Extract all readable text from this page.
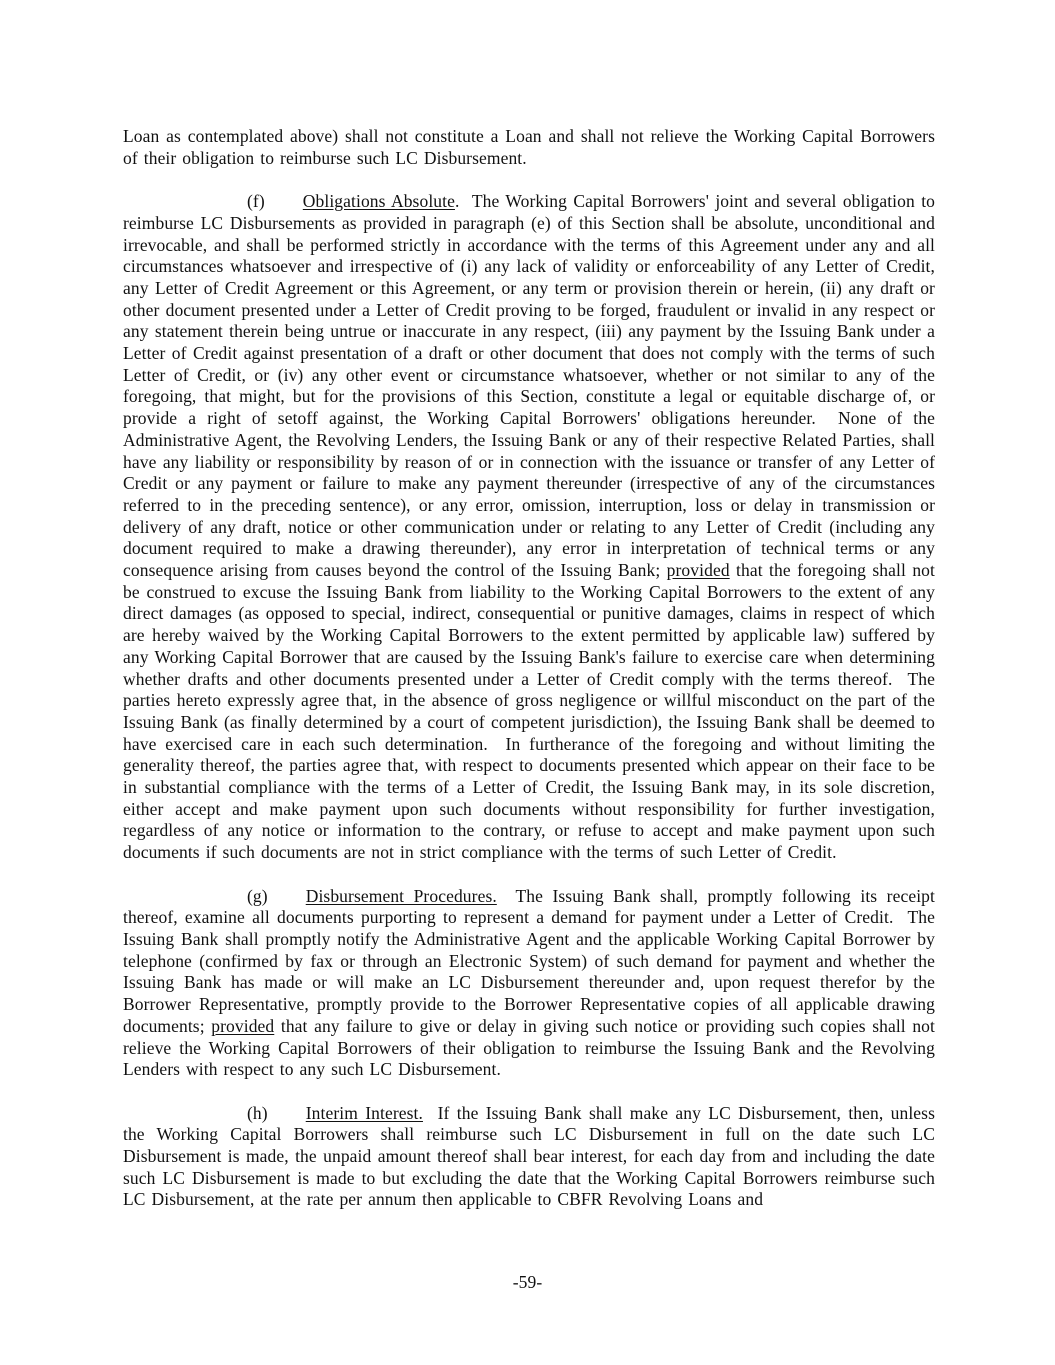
Loan as contemplated above) shall not constitute a Loan and shall not relieve the Working Capital Borrowers of their obligation to reimburse such LC Disbursement.

(f) Obligations Absolute.  The Working Capital Borrowers' joint and several obligation to reimburse LC Disbursements as provided in paragraph (e) of this Section shall be absolute, unconditional and irrevocable, and shall be performed strictly in accordance with the terms of this Agreement under any and all circumstances whatsoever and irrespective of (i) any lack of validity or enforceability of any Letter of Credit, any Letter of Credit Agreement or this Agreement, or any term or provision therein or herein, (ii) any draft or other document presented under a Letter of Credit proving to be forged, fraudulent or invalid in any respect or any statement therein being untrue or inaccurate in any respect, (iii) any payment by the Issuing Bank under a Letter of Credit against presentation of a draft or other document that does not comply with the terms of such Letter of Credit, or (iv) any other event or circumstance whatsoever, whether or not similar to any of the foregoing, that might, but for the provisions of this Section, constitute a legal or equitable discharge of, or provide a right of setoff against, the Working Capital Borrowers' obligations hereunder.  None of the Administrative Agent, the Revolving Lenders, the Issuing Bank or any of their respective Related Parties, shall have any liability or responsibility by reason of or in connection with the issuance or transfer of any Letter of Credit or any payment or failure to make any payment thereunder (irrespective of any of the circumstances referred to in the preceding sentence), or any error, omission, interruption, loss or delay in transmission or delivery of any draft, notice or other communication under or relating to any Letter of Credit (including any document required to make a drawing thereunder), any error in interpretation of technical terms or any consequence arising from causes beyond the control of the Issuing Bank; provided that the foregoing shall not be construed to excuse the Issuing Bank from liability to the Working Capital Borrowers to the extent of any direct damages (as opposed to special, indirect, consequential or punitive damages, claims in respect of which are hereby waived by the Working Capital Borrowers to the extent permitted by applicable law) suffered by any Working Capital Borrower that are caused by the Issuing Bank's failure to exercise care when determining whether drafts and other documents presented under a Letter of Credit comply with the terms thereof.  The parties hereto expressly agree that, in the absence of gross negligence or willful misconduct on the part of the Issuing Bank (as finally determined by a court of competent jurisdiction), the Issuing Bank shall be deemed to have exercised care in each such determination.  In furtherance of the foregoing and without limiting the generality thereof, the parties agree that, with respect to documents presented which appear on their face to be in substantial compliance with the terms of a Letter of Credit, the Issuing Bank may, in its sole discretion, either accept and make payment upon such documents without responsibility for further investigation, regardless of any notice or information to the contrary, or refuse to accept and make payment upon such documents if such documents are not in strict compliance with the terms of such Letter of Credit.

(g) Disbursement Procedures.  The Issuing Bank shall, promptly following its receipt thereof, examine all documents purporting to represent a demand for payment under a Letter of Credit.  The Issuing Bank shall promptly notify the Administrative Agent and the applicable Working Capital Borrower by telephone (confirmed by fax or through an Electronic System) of such demand for payment and whether the Issuing Bank has made or will make an LC Disbursement thereunder and, upon request therefor by the Borrower Representative, promptly provide to the Borrower Representative copies of all applicable drawing documents; provided that any failure to give or delay in giving such notice or providing such copies shall not relieve the Working Capital Borrowers of their obligation to reimburse the Issuing Bank and the Revolving Lenders with respect to any such LC Disbursement.

(h) Interim Interest.  If the Issuing Bank shall make any LC Disbursement, then, unless the Working Capital Borrowers shall reimburse such LC Disbursement in full on the date such LC Disbursement is made, the unpaid amount thereof shall bear interest, for each day from and including the date such LC Disbursement is made to but excluding the date that the Working Capital Borrowers reimburse such LC Disbursement, at the rate per annum then applicable to CBFR Revolving Loans and

-59-
